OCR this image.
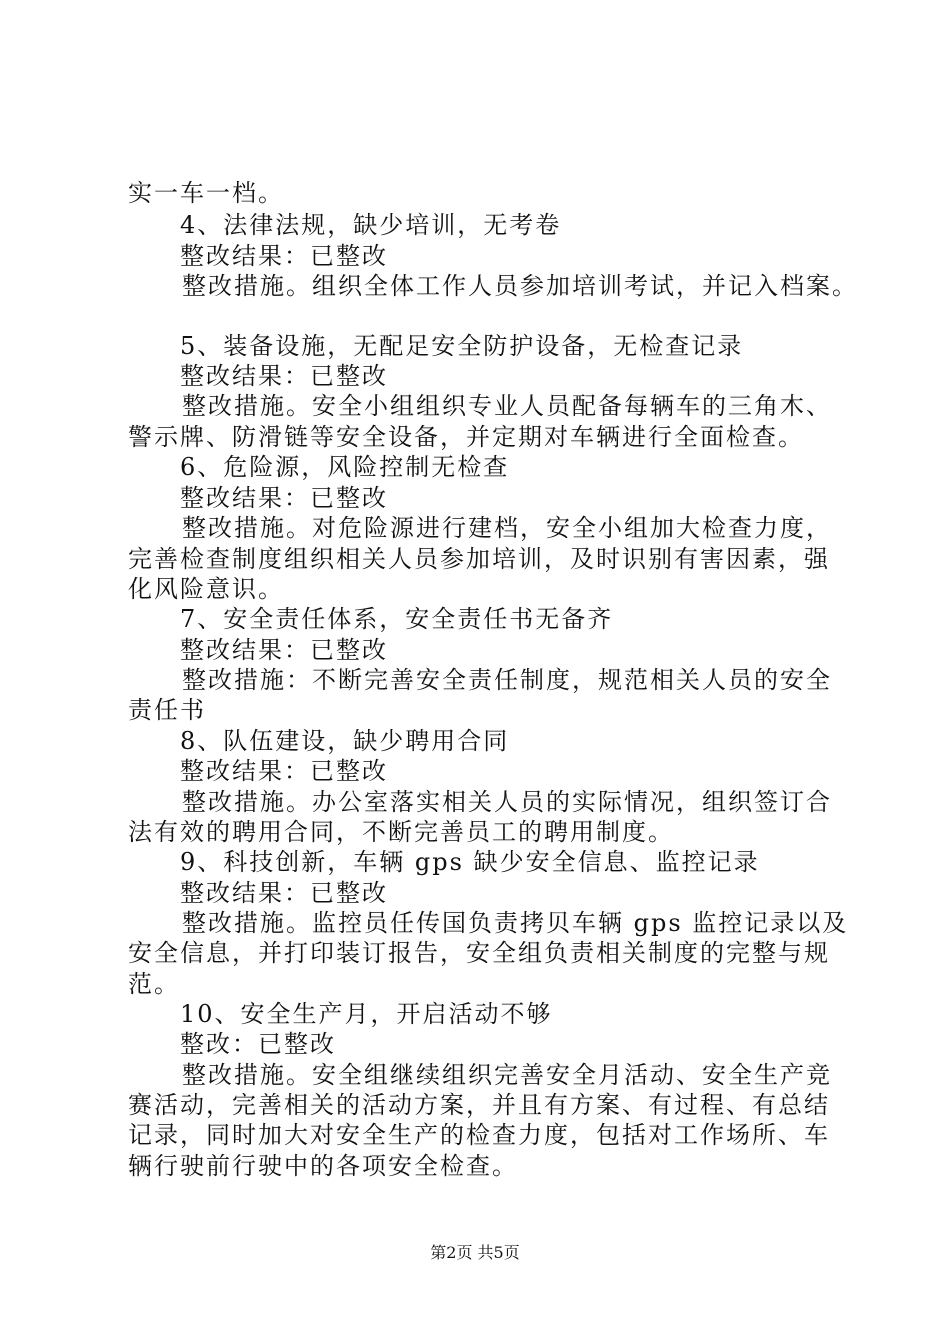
实一车一档。
4、法律法规，缺少培训，无考卷
整改结果：已整改
整改措施。组织全体工作人员参加培训考试，并记入档案。
5、装备设施，无配足安全防护设备，无检查记录
整改结果：已整改
整改措施。安全小组组织专业人员配备每辆车的三角木、
警示牌、防滑链等安全设备，并定期对车辆进行全面检查。
6、危险源，风险控制无检查
整改结果：已整改
整改措施。对危险源进行建档，安全小组加大检查力度，
完善检查制度组织相关人员参加培训，及时识别有害因素，强
化风险意识。
7、安全责任体系，安全责任书无备齐
整改结果：已整改
整改措施：不断完善安全责任制度，规范相关人员的安全
责任书
8、队伍建设，缺少聘用合同
整改结果：已整改
整改措施。办公室落实相关人员的实际情况，组织签订合
法有效的聘用合同，不断完善员工的聘用制度。
9、科技创新，车辆 gps 缺少安全信息、监控记录
整改结果：已整改
整改措施。监控员任传国负责拷贝车辆 gps 监控记录以及
安全信息，并打印装订报告，安全组负责相关制度的完整与规
范。
10、安全生产月，开启活动不够
整改：已整改
整改措施。安全组继续组织完善安全月活动、安全生产竞
赛活动，完善相关的活动方案，并且有方案、有过程、有总结
记录，同时加大对安全生产的检查力度，包括对工作场所、车
辆行驶前行驶中的各项安全检查。
第2页 共5页
